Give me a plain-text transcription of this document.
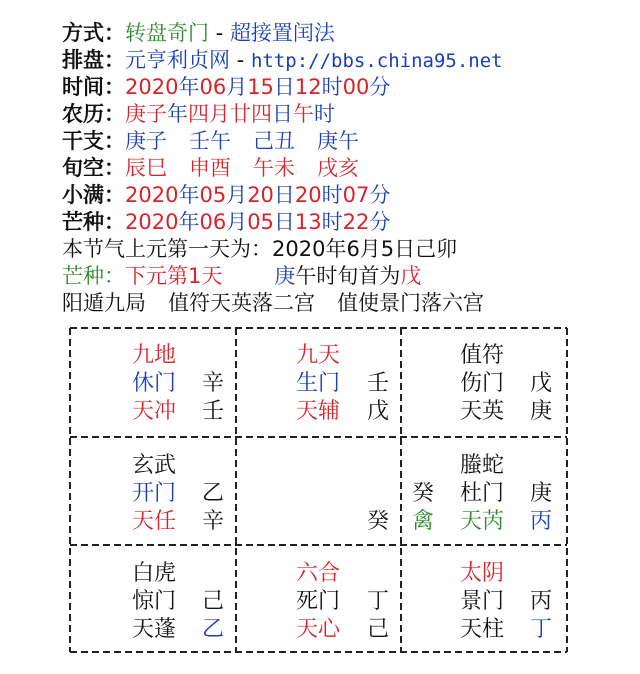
方式：转盘奇门 - 超接置闰法
排盘：元亨利贞网 - http://bbs.china95.net
时间：2020年06月15日12时00分
农历：庚子年四月廿四日午时
干支：庚子 壬午 己丑 庚午
旬空：辰巳 申酉 午未 戌亥
小满：2020年05月20日20时07分
芒种：2020年06月05日13时22分
本节气上元第一天为：2020年6月5日己卯
芒种：下元第1天 庚午时旬首为戊
阳遁九局 值符天英落二宫 值使景门落六宫
九地
休门 辛
天冲 壬
九天
生门 壬
天辅 戊
值符
伤门 戊
天英 庚
玄武
开门 乙
天任 辛	癸
螣蛇
癸 杜门 庚
禽 天芮 丙
白虎
惊门 己
天蓬 乙
六合
死门 丁
天心 己
太阴
景门 丙
天柱 丁
